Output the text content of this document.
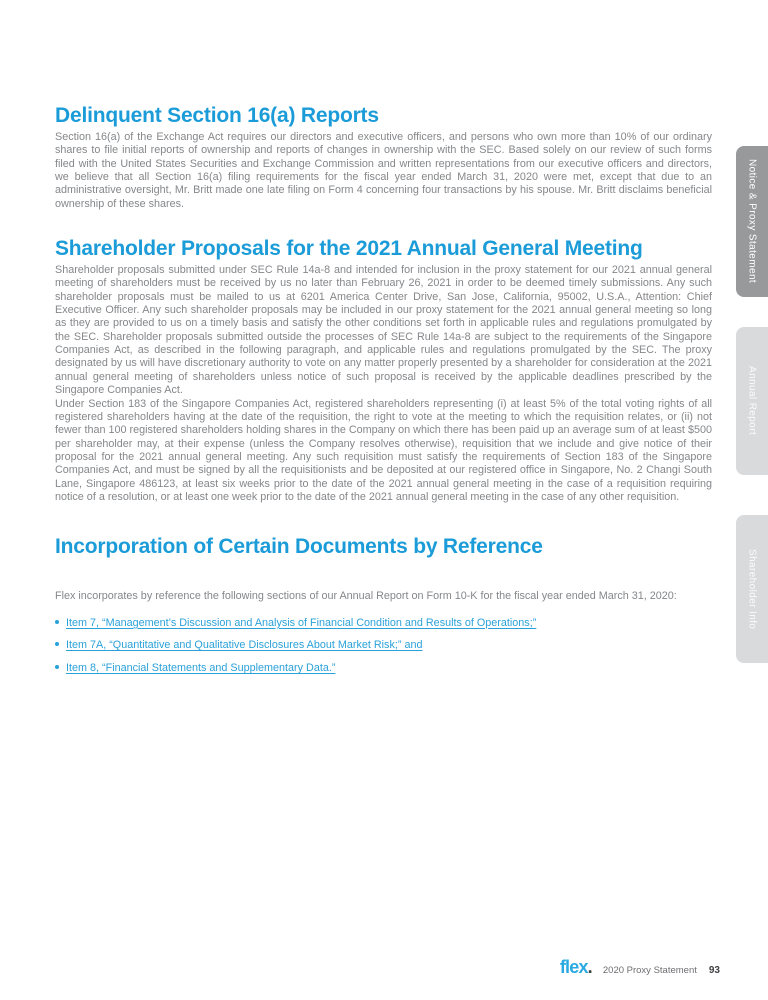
Delinquent Section 16(a) Reports

Section 16(a) of the Exchange Act requires our directors and executive officers, and persons who own more than 10% of our ordinary shares to file initial reports of ownership and reports of changes in ownership with the SEC. Based solely on our review of such forms filed with the United States Securities and Exchange Commission and written representations from our executive officers and directors, we believe that all Section 16(a) filing requirements for the fiscal year ended March 31, 2020 were met, except that due to an administrative oversight, Mr. Britt made one late filing on Form 4 concerning four transactions by his spouse. Mr. Britt disclaims beneficial ownership of these shares.

Shareholder Proposals for the 2021 Annual General Meeting

Shareholder proposals submitted under SEC Rule 14a-8 and intended for inclusion in the proxy statement for our 2021 annual general meeting of shareholders must be received by us no later than February 26, 2021 in order to be deemed timely submissions. Any such shareholder proposals must be mailed to us at 6201 America Center Drive, San Jose, California, 95002, U.S.A., Attention: Chief Executive Officer. Any such shareholder proposals may be included in our proxy statement for the 2021 annual general meeting so long as they are provided to us on a timely basis and satisfy the other conditions set forth in applicable rules and regulations promulgated by the SEC. Shareholder proposals submitted outside the processes of SEC Rule 14a-8 are subject to the requirements of the Singapore Companies Act, as described in the following paragraph, and applicable rules and regulations promulgated by the SEC. The proxy designated by us will have discretionary authority to vote on any matter properly presented by a shareholder for consideration at the 2021 annual general meeting of shareholders unless notice of such proposal is received by the applicable deadlines prescribed by the Singapore Companies Act.

Under Section 183 of the Singapore Companies Act, registered shareholders representing (i) at least 5% of the total voting rights of all registered shareholders having at the date of the requisition, the right to vote at the meeting to which the requisition relates, or (ii) not fewer than 100 registered shareholders holding shares in the Company on which there has been paid up an average sum of at least $500 per shareholder may, at their expense (unless the Company resolves otherwise), requisition that we include and give notice of their proposal for the 2021 annual general meeting. Any such requisition must satisfy the requirements of Section 183 of the Singapore Companies Act, and must be signed by all the requisitionists and be deposited at our registered office in Singapore, No. 2 Changi South Lane, Singapore 486123, at least six weeks prior to the date of the 2021 annual general meeting in the case of a requisition requiring notice of a resolution, or at least one week prior to the date of the 2021 annual general meeting in the case of any other requisition.

Incorporation of Certain Documents by Reference

Flex incorporates by reference the following sections of our Annual Report on Form 10-K for the fiscal year ended March 31, 2020:

Item 7, “Management’s Discussion and Analysis of Financial Condition and Results of Operations;”
Item 7A, “Quantitative and Qualitative Disclosures About Market Risk;” and
Item 8, “Financial Statements and Supplementary Data.”
Notice & Proxy Statement
Annual Report
Shareholder Info
flex. 2020 Proxy Statement 93
